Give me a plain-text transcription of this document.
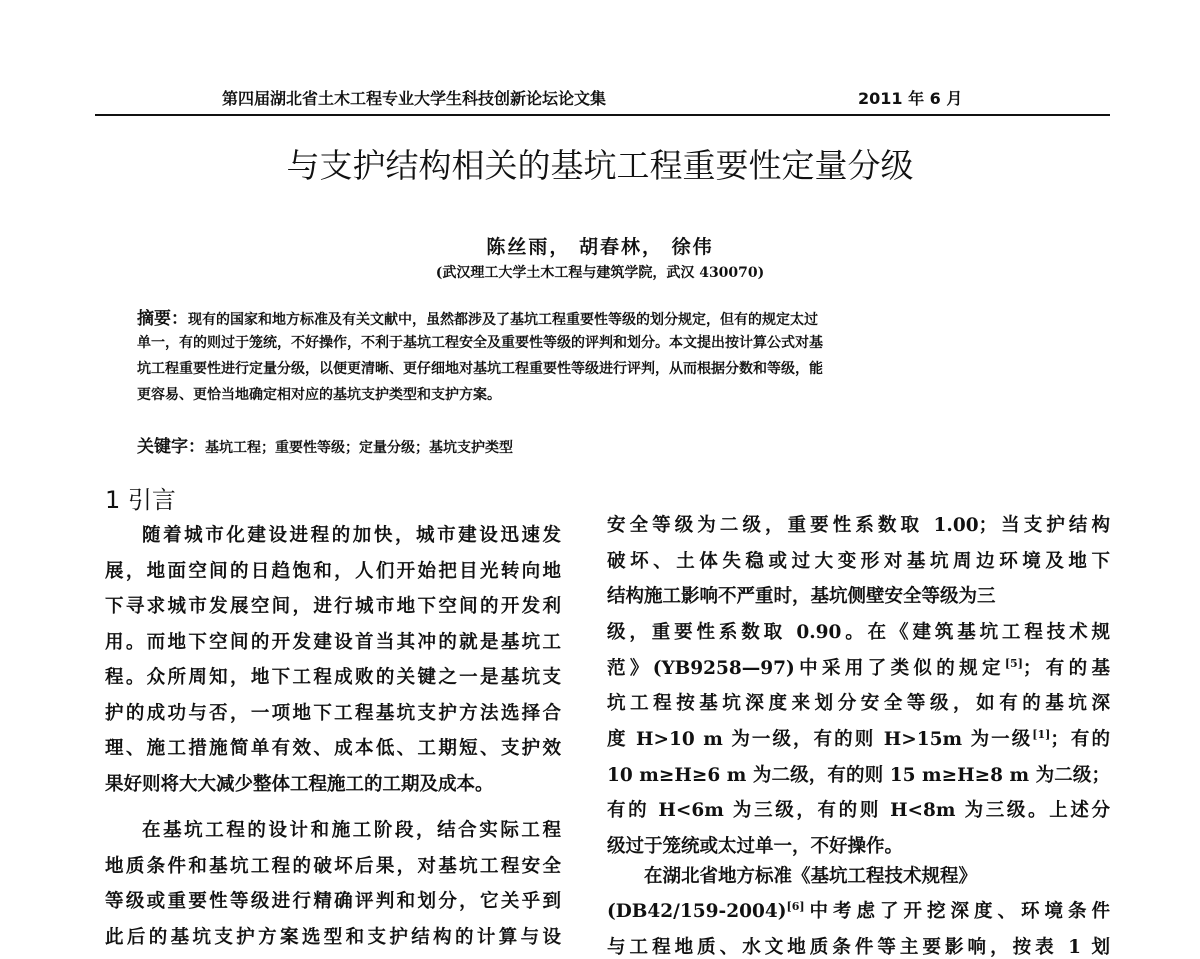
第四届湖北省土木工程专业大学生科技创新论坛论文集	2011 年 6 月
与支护结构相关的基坑工程重要性定量分级
陈丝雨， 胡春林， 徐伟
(武汉理工大学土木工程与建筑学院，武汉 430070)
摘要：现有的国家和地方标准及有关文献中，虽然都涉及了基坑工程重要性等级的划分规定，但有的规定太过
单一，有的则过于笼统，不好操作，不利于基坑工程安全及重要性等级的评判和划分。本文提出按计算公式对基
坑工程重要性进行定量分级，以便更清晰、更仔细地对基坑工程重要性等级进行评判，从而根据分数和等级，能
更容易、更恰当地确定相对应的基坑支护类型和支护方案。
关键字：基坑工程；重要性等级；定量分级；基坑支护类型
1 引言
随着城市化建设进程的加快，城市建设迅速发
展，地面空间的日趋饱和，人们开始把目光转向地
下寻求城市发展空间，进行城市地下空间的开发利
用。而地下空间的开发建设首当其冲的就是基坑工
程。众所周知，地下工程成败的关键之一是基坑支
护的成功与否，一项地下工程基坑支护方法选择合
理、施工措施简单有效、成本低、工期短、支护效
果好则将大大减少整体工程施工的工期及成本。
在基坑工程的设计和施工阶段，结合实际工程
地质条件和基坑工程的破坏后果，对基坑工程安全
等级或重要性等级进行精确评判和划分，它关乎到
此后的基坑支护方案选型和支护结构的计算与设
安全等级为二级，重要性系数取 1.00；当支护结构
破坏、土体失稳或过大变形对基坑周边环境及地下
结构施工影响不严重时，基坑侧壁安全等级为三
级，重要性系数取 0.90。在《建筑基坑工程技术规
范》(YB9258—97)中采用了类似的规定[5]；有的基
坑工程按基坑深度来划分安全等级，如有的基坑深
度 H>10 m 为一级，有的则 H>15m 为一级[1]；有的
10 m≥H≥6 m 为二级，有的则 15 m≥H≥8 m 为二级；
有的 H<6m 为三级，有的则 H<8m 为三级。上述分
级过于笼统或太过单一，不好操作。
在湖北省地方标准《基坑工程技术规程》
(DB42/159-2004)[6]中考虑了开挖深度、环境条件
与工程地质、水文地质条件等主要影响，按表 1 划
